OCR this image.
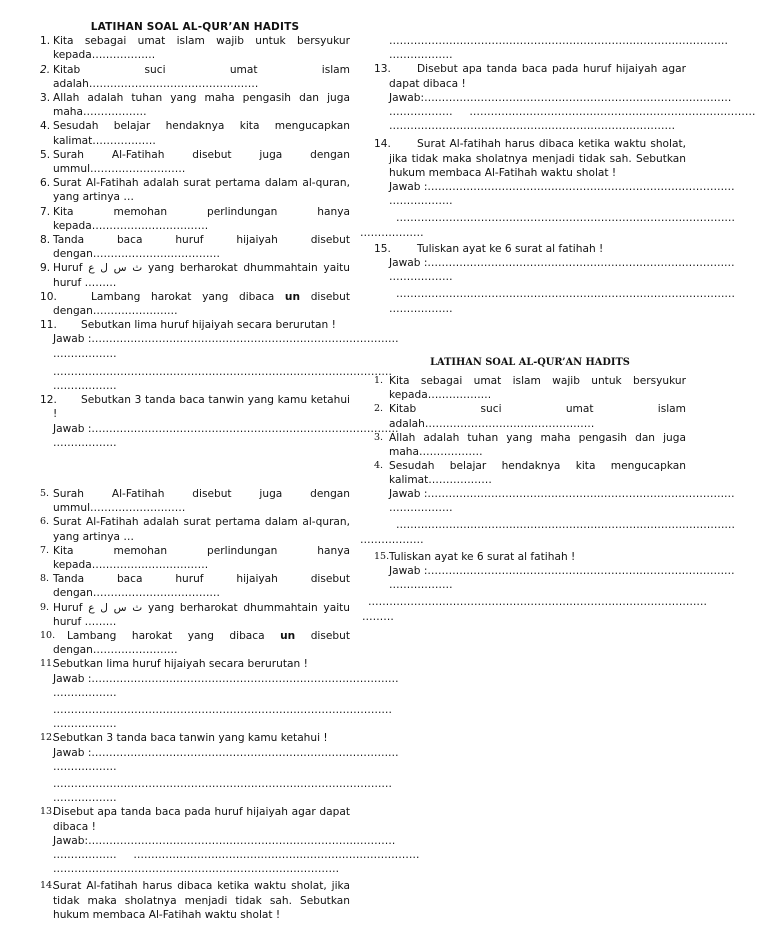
LATIHAN SOAL AL-QUR’AN HADITS
1. Kita sebagai umat islam wajib untuk bersyukur kepada………………
2. Kitab suci umat islam adalah…………………………………………
3. Allah adalah tuhan yang maha pengasih dan juga maha………………
4. Sesudah belajar hendaknya kita mengucapkan kalimat………………
5. Surah Al-Fatihah disebut juga dengan ummul………………………
6. Surat Al-Fatihah adalah surat pertama dalam al-quran, yang artinya …
7. Kita memohan perlindungan hanya kepada……………………………
8. Tanda baca huruf hijaiyah disebut dengan………………………………
9. Huruf ث س ل ع yang berharokat dhummahtain yaitu huruf ………
10.	Lambang harokat yang dibaca un disebut dengan……………………
11. Sebutkan lima huruf hijaiyah secara berurutan !
Jawab :……………………………………………………………………………
………………
……………………………………………………………………………………
………………
12. Sebutkan 3 tanda baca tanwin yang kamu ketahui !
Jawab :……………………………………………………………………………
………………
……………………………………………………………………………………
………………
13. Disebut apa tanda baca pada huruf hijaiyah agar dapat dibaca !
Jawab:……………………………………………………………………………
……………… ………………………………………………………………………
………………………………………………………………………
14. Surat Al-fatihah harus dibaca ketika waktu sholat, jika tidak maka sholatnya menjadi tidak sah. Sebutkan hukum membaca Al-Fatihah waktu sholat !
Jawab :……………………………………………………………………………
………………
……………………………………………………………………………………
………………
15. Tuliskan ayat ke 6 surat al fatihah !
Jawab :……………………………………………………………………………
………………
……………………………………………………………………………………
………………
LATIHAN SOAL AL-QUR’AN HADITS
1. Kita sebagai umat islam wajib untuk bersyukur kepada………………
2. Kitab suci umat islam adalah…………………………………………
3. Allah adalah tuhan yang maha pengasih dan juga maha………………
4. Sesudah belajar hendaknya kita mengucapkan kalimat………………
5. Surah Al-Fatihah disebut juga dengan ummul………………………
6. Surat Al-Fatihah adalah surat pertama dalam al-quran, yang artinya …
7. Kita memohan perlindungan hanya kepada……………………………
8. Tanda baca huruf hijaiyah disebut dengan………………………………
9. Huruf ث س ل ع yang berharokat dhummahtain yaitu huruf ………
10. Lambang harokat yang dibaca un disebut dengan……………………
11.
Sebutkan lima huruf hijaiyah secara berurutan !
Jawab :……………………………………………………………………………
………………
……………………………………………………………………………………
………………
12.
Sebutkan 3 tanda baca tanwin yang kamu ketahui !
Jawab :……………………………………………………………………………
………………
……………………………………………………………………………………
………………
13.
Disebut apa tanda baca pada huruf hijaiyah agar dapat dibaca !
Jawab:……………………………………………………………………………
……………… ………………………………………………………………………
………………………………………………………………………
14.
Surat Al-fatihah harus dibaca ketika waktu sholat, jika tidak maka sholatnya menjadi tidak sah. Sebutkan hukum membaca Al-Fatihah waktu sholat !
Jawab :……………………………………………………………………………
………………
……………………………………………………………………………………
………………
15. Tuliskan ayat ke 6 surat al fatihah !
Jawab :……………………………………………………………………………
………………
……………………………………………………………………………………
………
